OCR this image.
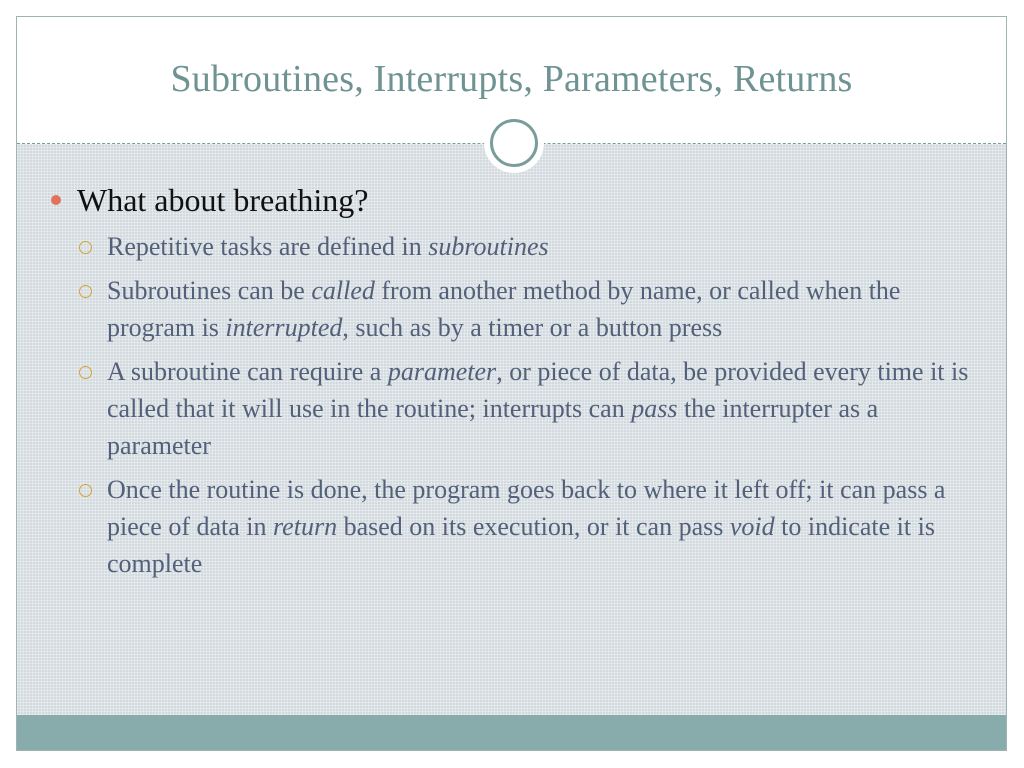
Subroutines, Interrupts, Parameters, Returns
What about breathing?
Repetitive tasks are defined in subroutines
Subroutines can be called from another method by name, or called when the program is interrupted, such as by a timer or a button press
A subroutine can require a parameter, or piece of data, be provided every time it is called that it will use in the routine; interrupts can pass the interrupter as a parameter
Once the routine is done, the program goes back to where it left off; it can pass a piece of data in return based on its execution, or it can pass void to indicate it is complete
